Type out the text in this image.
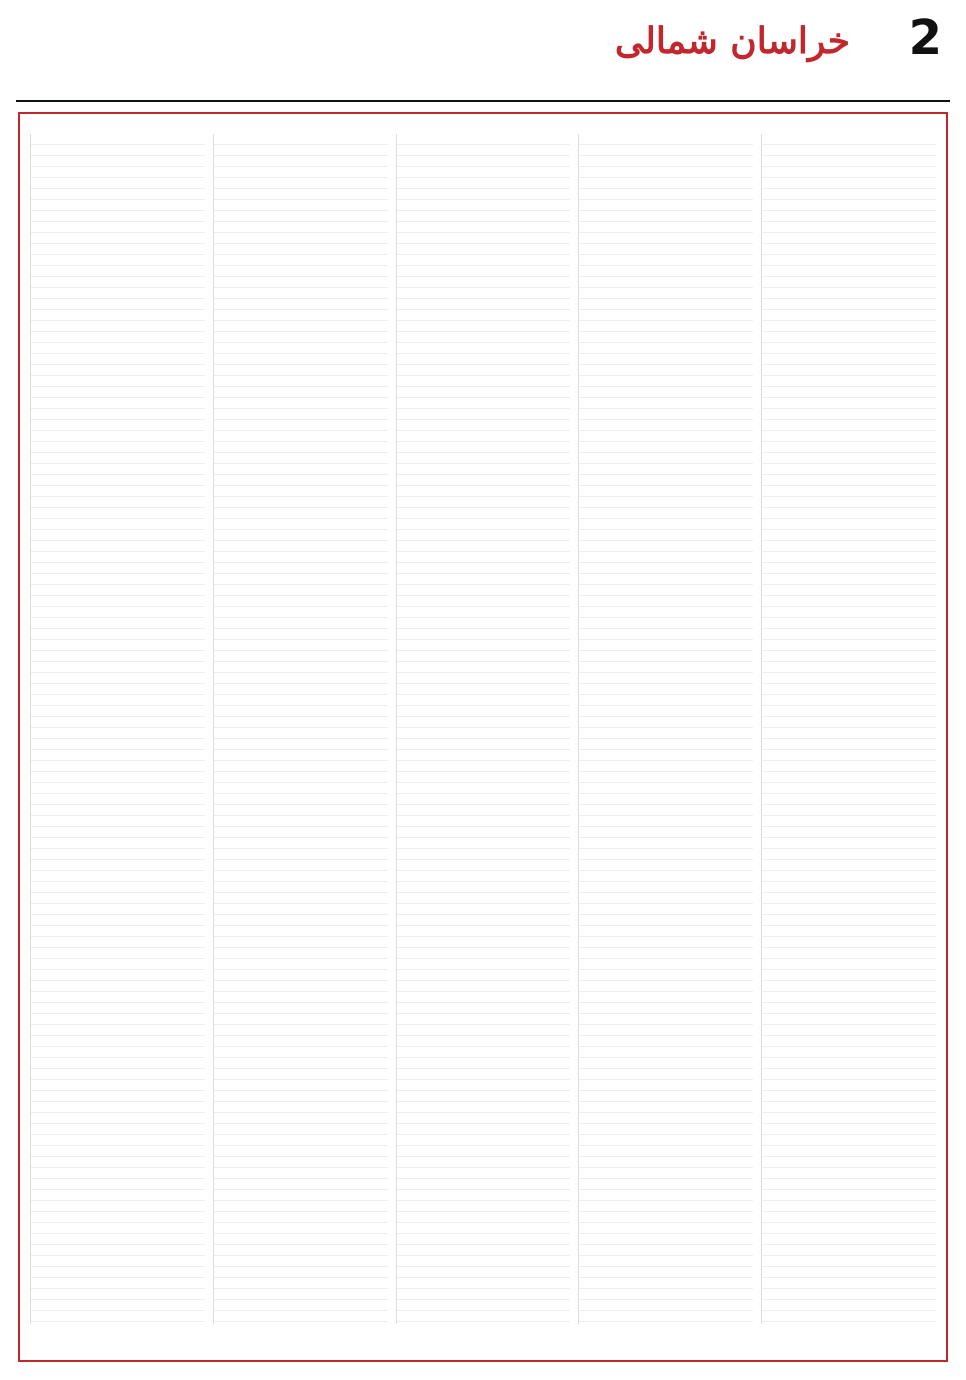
2
خراسان شمالی
